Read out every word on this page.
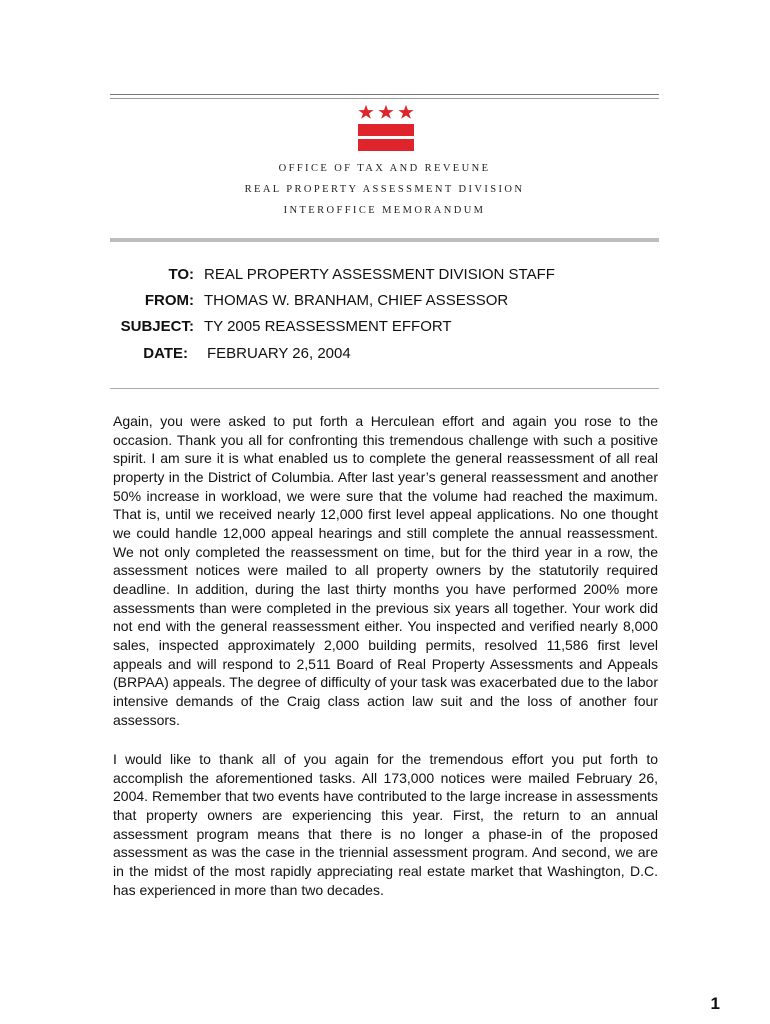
OFFICE OF TAX AND REVEUNE
REAL PROPERTY ASSESSMENT DIVISION
INTEROFFICE MEMORANDUM
TO: REAL PROPERTY ASSESSMENT DIVISION STAFF
FROM: THOMAS W. BRANHAM, CHIEF ASSESSOR
SUBJECT: TY 2005 REASSESSMENT EFFORT
DATE: FEBRUARY 26, 2004
Again, you were asked to put forth a Herculean effort and again you rose to the occasion. Thank you all for confronting this tremendous challenge with such a positive spirit. I am sure it is what enabled us to complete the general reassessment of all real property in the District of Columbia. After last year’s general reassessment and another 50% increase in workload, we were sure that the volume had reached the maximum. That is, until we received nearly 12,000 first level appeal applications. No one thought we could handle 12,000 appeal hearings and still complete the annual reassessment. We not only completed the reassessment on time, but for the third year in a row, the assessment notices were mailed to all property owners by the statutorily required deadline. In addition, during the last thirty months you have performed 200% more assessments than were completed in the previous six years all together. Your work did not end with the general reassessment either. You inspected and verified nearly 8,000 sales, inspected approximately 2,000 building permits, resolved 11,586 first level appeals and will respond to 2,511 Board of Real Property Assessments and Appeals (BRPAA) appeals. The degree of difficulty of your task was exacerbated due to the labor intensive demands of the Craig class action law suit and the loss of another four assessors.
I would like to thank all of you again for the tremendous effort you put forth to accomplish the aforementioned tasks. All 173,000 notices were mailed February 26, 2004. Remember that two events have contributed to the large increase in assessments that property owners are experiencing this year. First, the return to an annual assessment program means that there is no longer a phase-in of the proposed assessment as was the case in the triennial assessment program. And second, we are in the midst of the most rapidly appreciating real estate market that Washington, D.C. has experienced in more than two decades.
1
